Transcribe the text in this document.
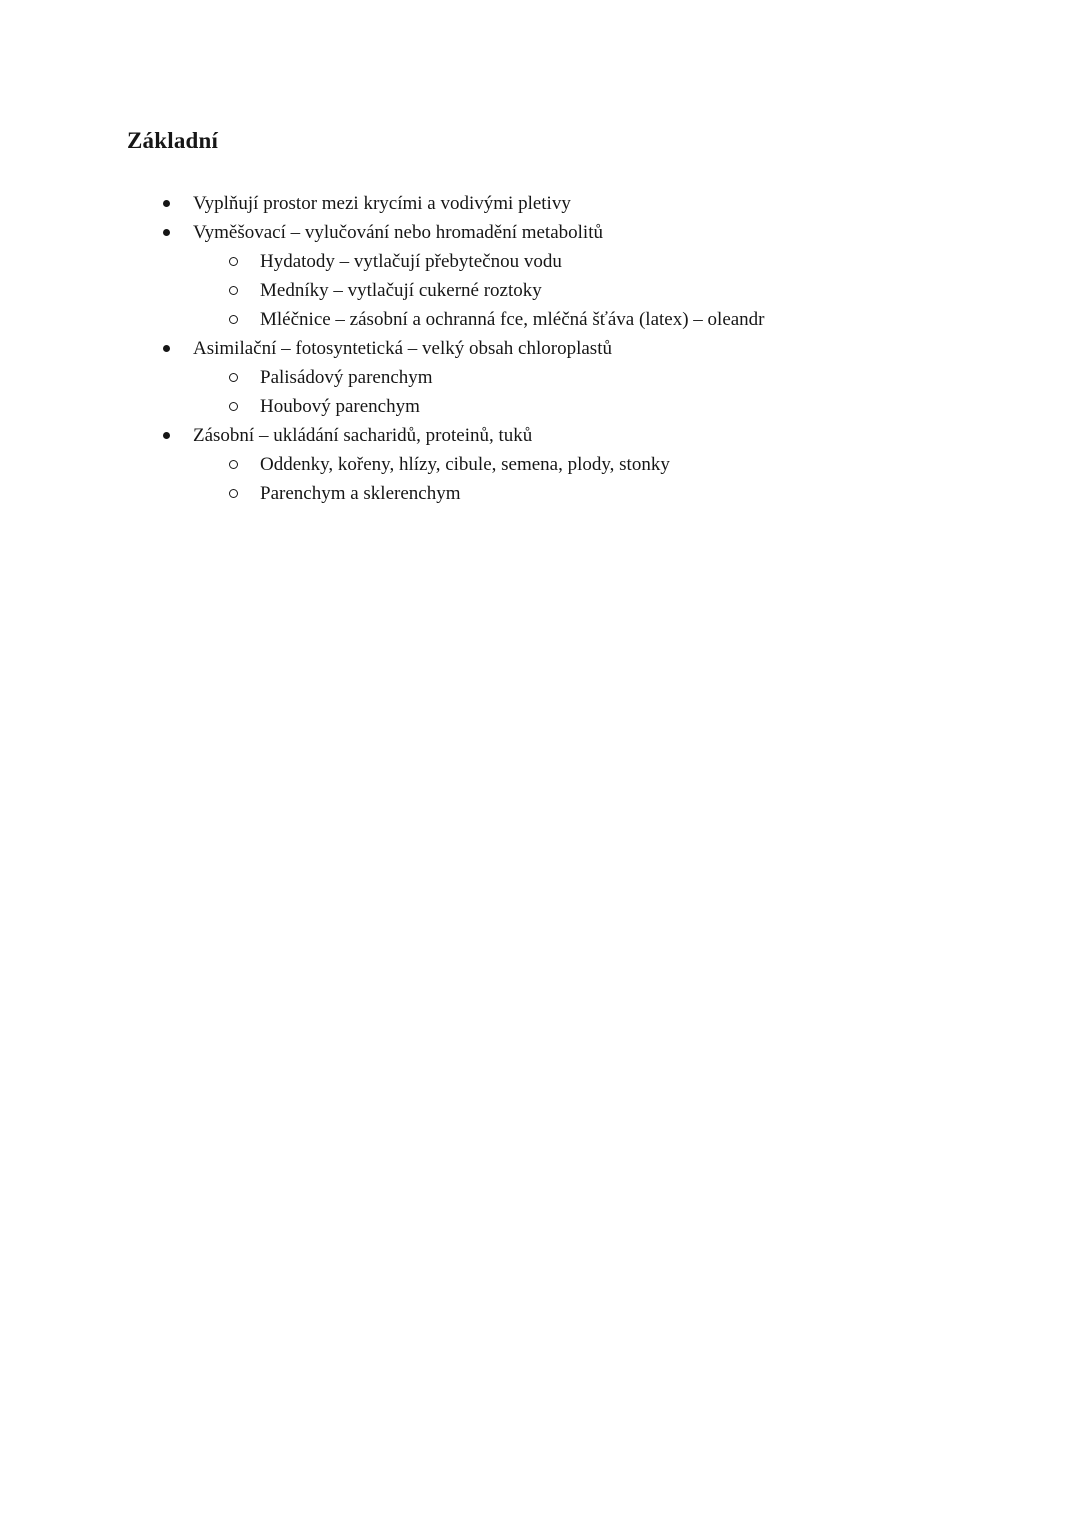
Základní
Vyplňují prostor mezi krycími a vodivými pletivy
Vyměšovací – vylučování nebo hromadění metabolitů
Hydatody – vytlačují přebytečnou vodu
Medníky – vytlačují cukerné roztoky
Mléčnice – zásobní a ochranná fce, mléčná šťáva (latex) – oleandr
Asimilační – fotosyntetická – velký obsah chloroplastů
Palisádový parenchym
Houbový parenchym
Zásobní – ukládání sacharidů, proteinů, tuků
Oddenky, kořeny, hlízy, cibule, semena, plody, stonky
Parenchym a sklerenchym
